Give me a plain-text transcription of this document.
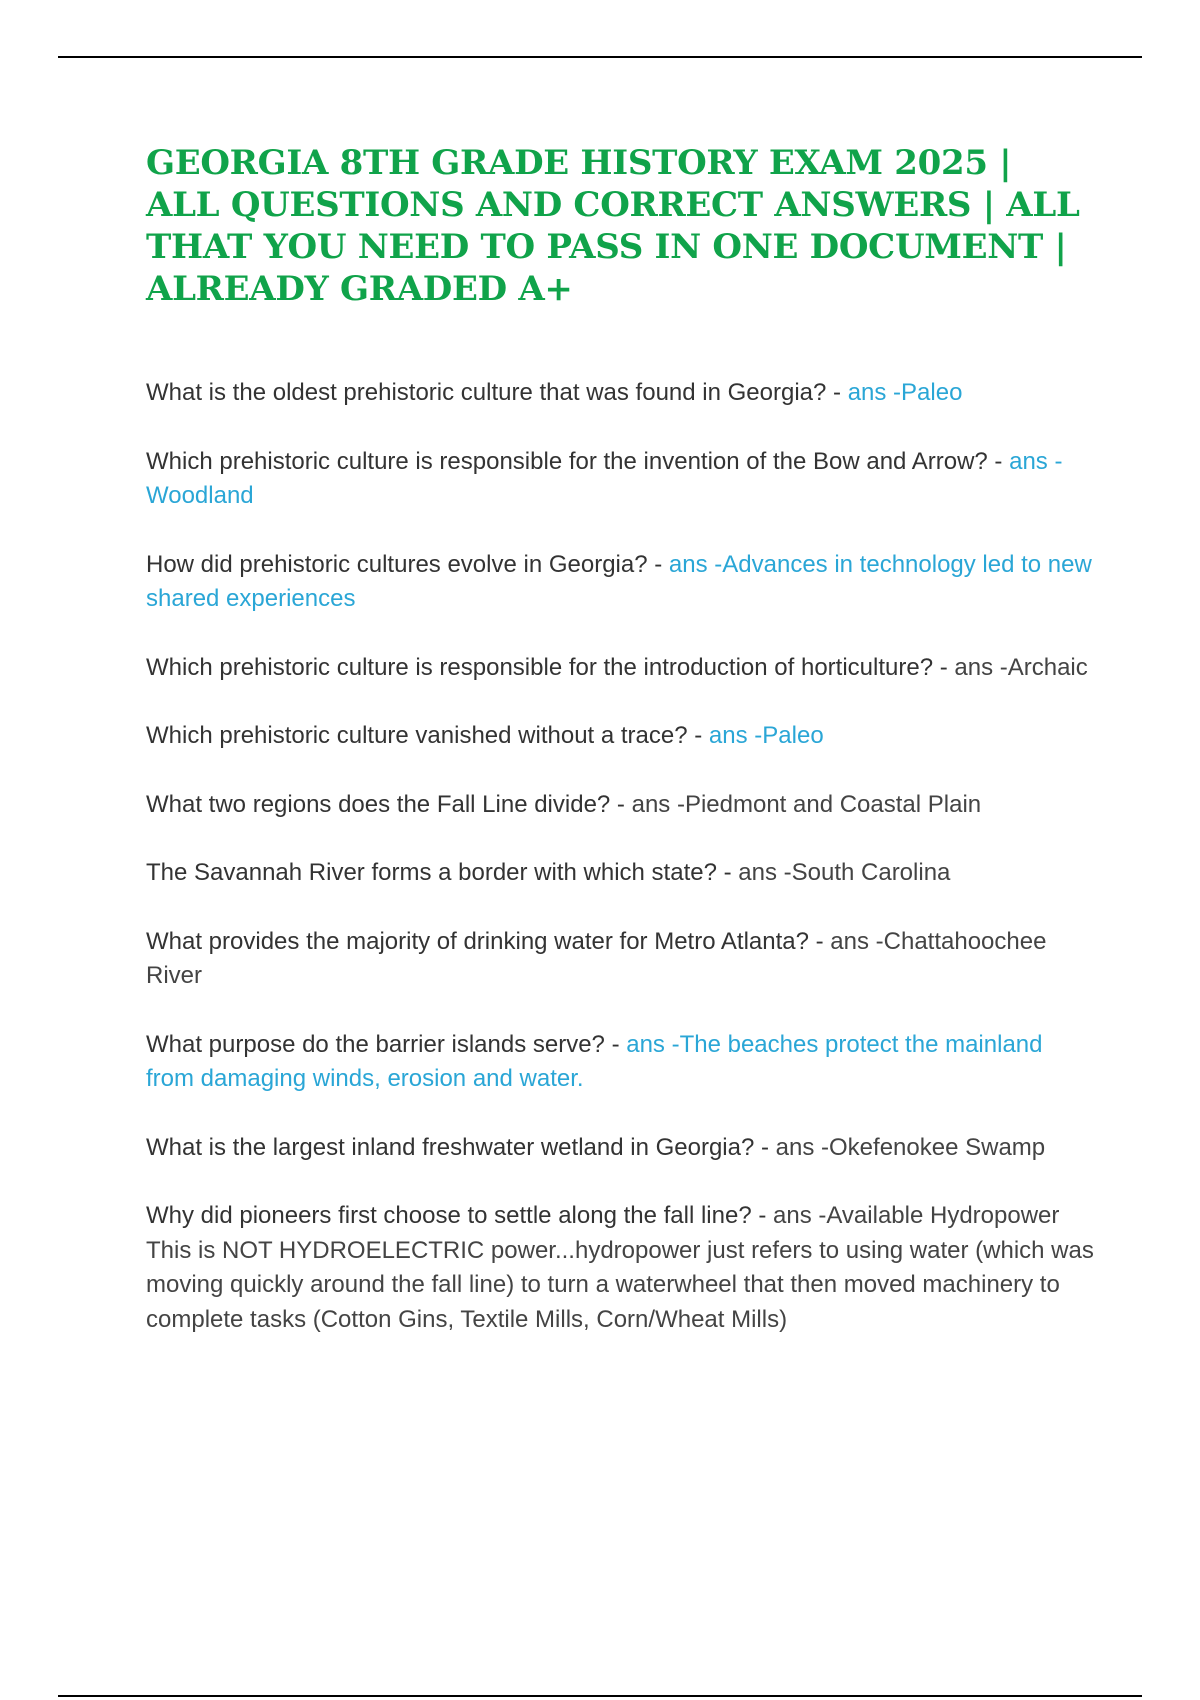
GEORGIA 8TH GRADE HISTORY EXAM 2025 | ALL QUESTIONS AND CORRECT ANSWERS | ALL THAT YOU NEED TO PASS IN ONE DOCUMENT | ALREADY GRADED A+

What is the oldest prehistoric culture that was found in Georgia? - ans -Paleo

Which prehistoric culture is responsible for the invention of the Bow and Arrow? - ans -Woodland

How did prehistoric cultures evolve in Georgia? - ans -Advances in technology led to new shared experiences

Which prehistoric culture is responsible for the introduction of horticulture? - ans -Archaic

Which prehistoric culture vanished without a trace? - ans -Paleo

What two regions does the Fall Line divide? - ans -Piedmont and Coastal Plain

The Savannah River forms a border with which state? - ans -South Carolina

What provides the majority of drinking water for Metro Atlanta? - ans -Chattahoochee River

What purpose do the barrier islands serve? - ans -The beaches protect the mainland from damaging winds, erosion and water.

What is the largest inland freshwater wetland in Georgia? - ans -Okefenokee Swamp

Why did pioneers first choose to settle along the fall line? - ans -Available Hydropower This is NOT HYDROELECTRIC power...hydropower just refers to using water (which was moving quickly around the fall line) to turn a waterwheel that then moved machinery to complete tasks (Cotton Gins, Textile Mills, Corn/Wheat Mills)
